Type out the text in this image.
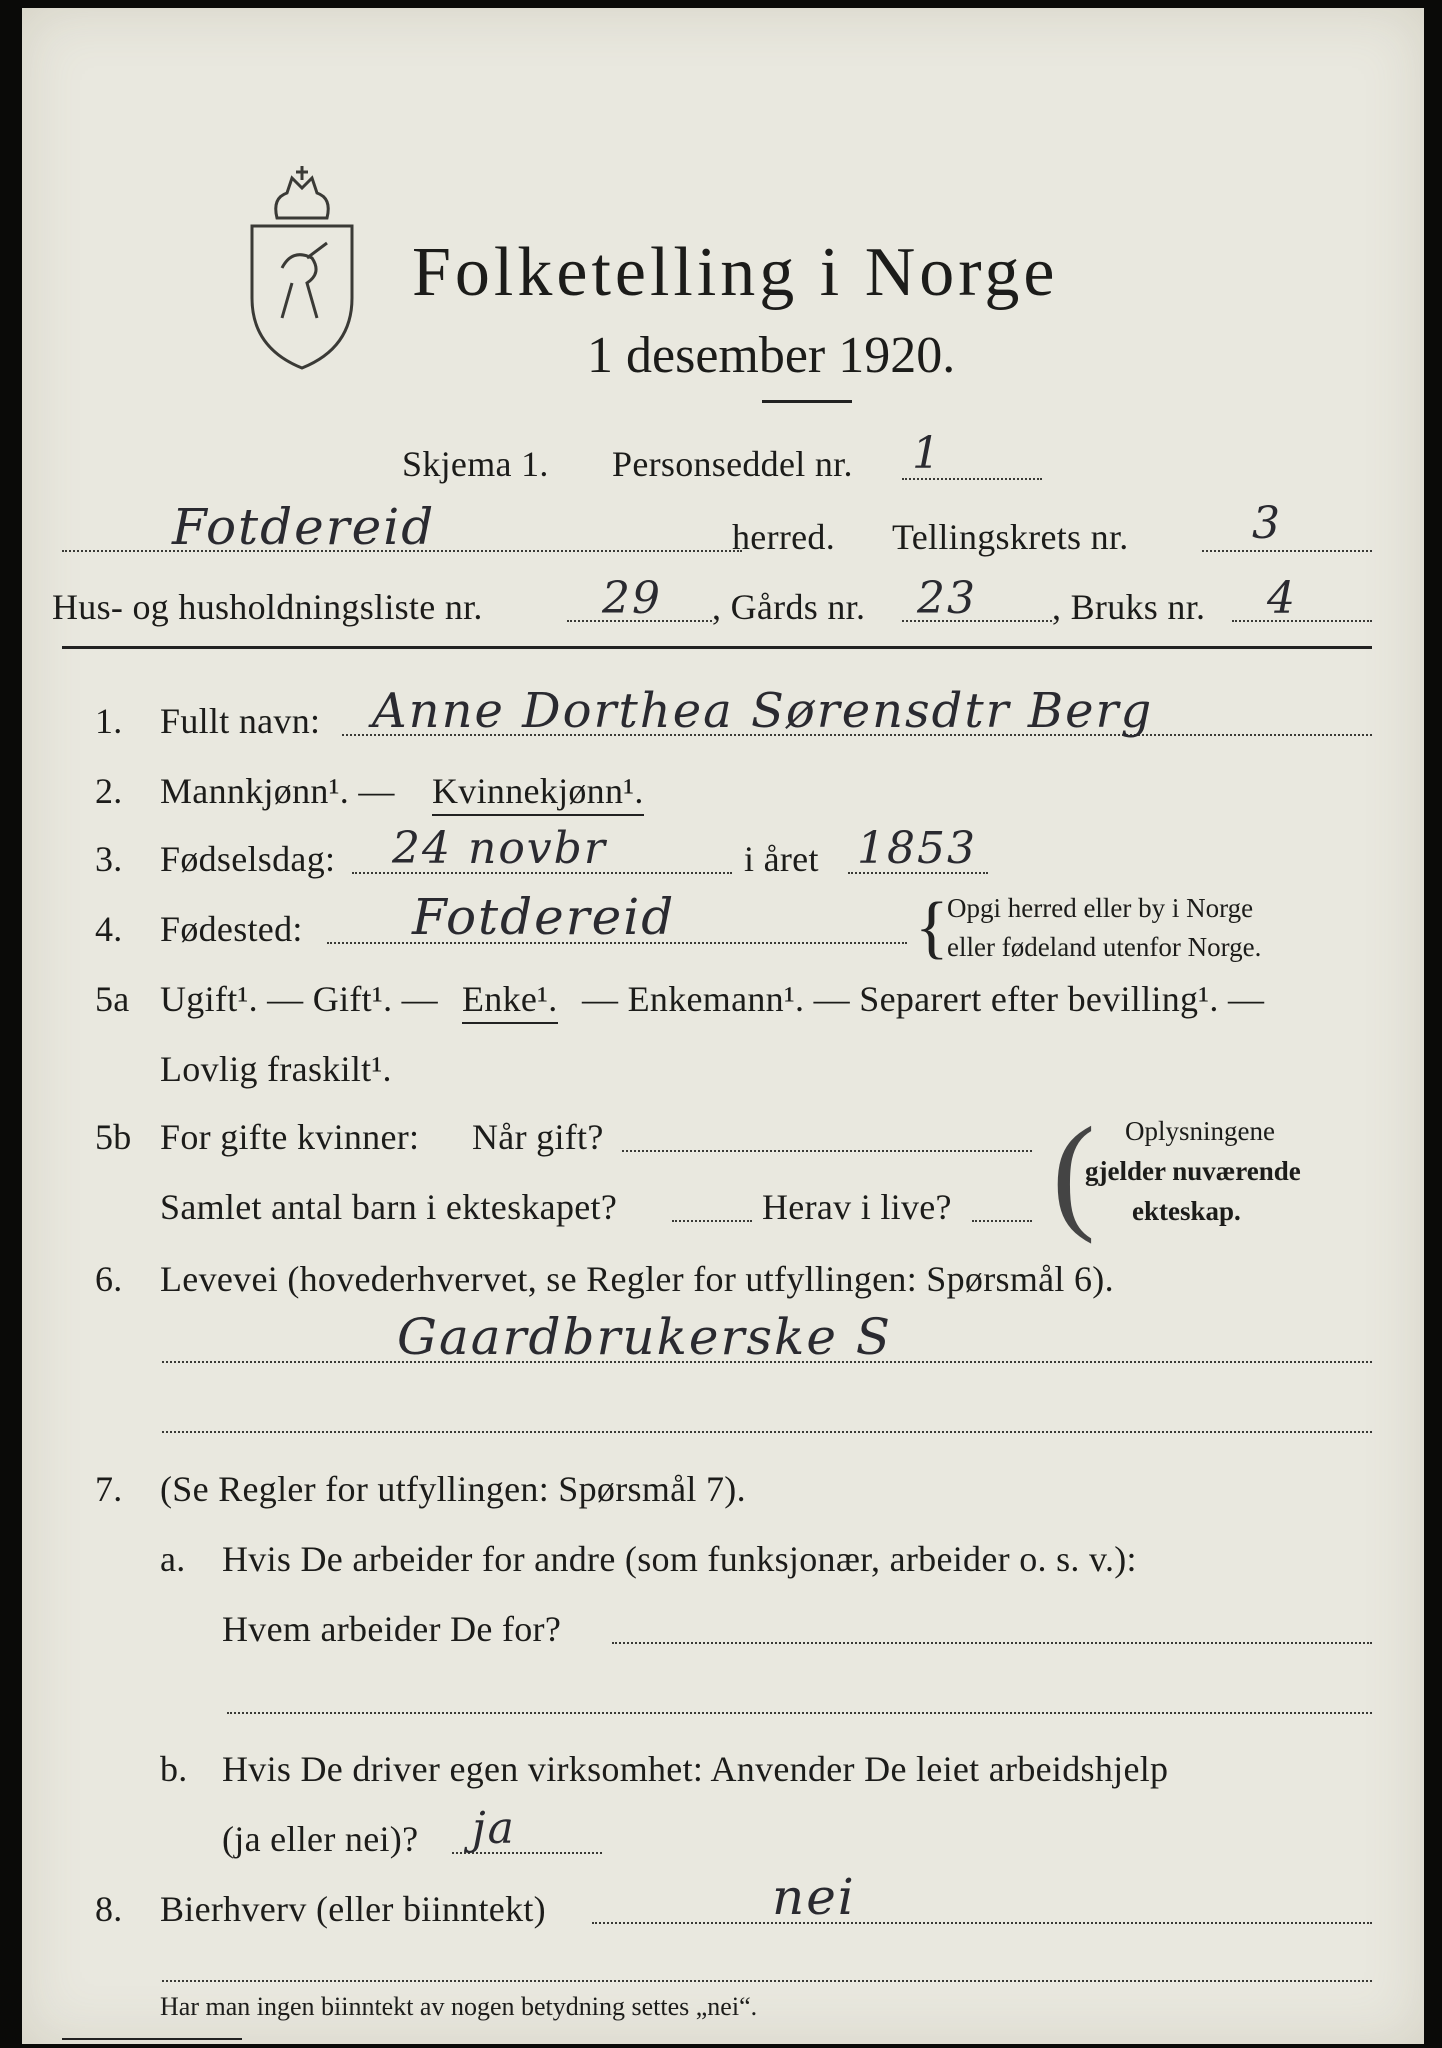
Folketelling i Norge
1 desember 1920.
Skjema 1. Personseddel nr. 1
Fotdereid	herred. Tellingskrets nr.	3
Hus- og husholdningsliste nr.	29 , Gårds nr. 23 , Bruks nr. 4
1. Fullt navn: Anne Dorthea Sørensdtr Berg
2. Mannkjønn¹. — Kvinnekjønn¹.
3. Fødselsdag: 24 novbr	i året 1853
4. Fødested: Fotdereid	{
Opgi herred eller by i Norge
eller fødeland utenfor Norge.
5a Ugift¹. — Gift¹. — Enke¹. — Enkemann¹. — Separert efter bevilling¹. —
Lovlig fraskilt¹.
5b For gifte kvinner: Når gift?
Samlet antal barn i ekteskapet?	Herav i live? ( Oplysningene
gjelder nuværende
ekteskap.
6. Levevei (hovederhvervet, se Regler for utfyllingen: Spørsmål 6).
Gaardbrukerske S
7. (Se Regler for utfyllingen: Spørsmål 7).
a. Hvis De arbeider for andre (som funksjonær, arbeider o. s. v.):
Hvem arbeider De for?
b. Hvis De driver egen virksomhet: Anvender De leiet arbeidshjelp
(ja eller nei)? ja
8. Bierhverv (eller biinntekt)	nei
Har man ingen biinntekt av nogen betydning settes „nei“.
